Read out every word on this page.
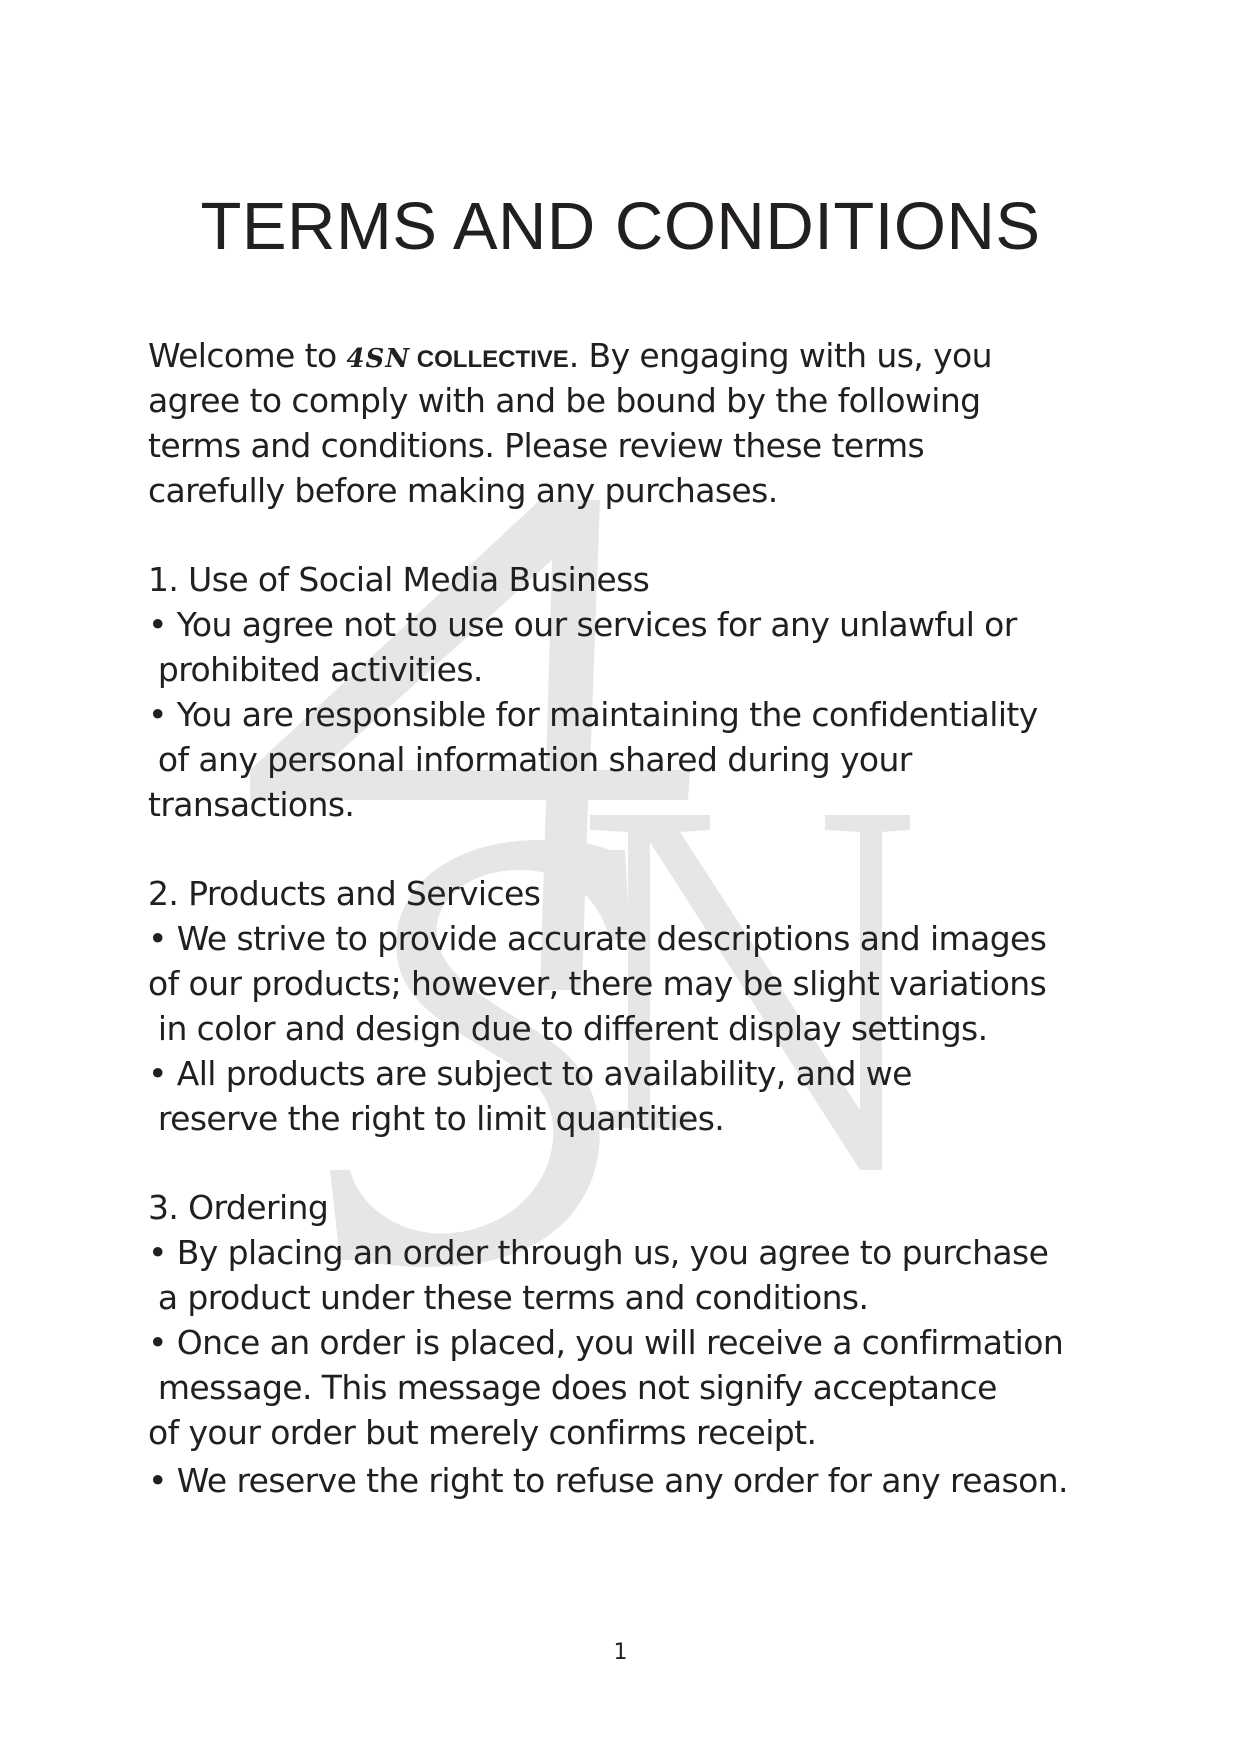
TERMS AND CONDITIONS
Welcome to 4SN COLLECTIVE. By engaging with us, you
agree to comply with and be bound by the following
terms and conditions. Please review these terms
carefully before making any purchases.
1. Use of Social Media Business
• You agree not to use our services for any unlawful or
prohibited activities.
• You are responsible for maintaining the confidentiality
of any personal information shared during your
transactions.
2. Products and Services
• We strive to provide accurate descriptions and images
of our products; however, there may be slight variations
in color and design due to different display settings.
• All products are subject to availability, and we
reserve the right to limit quantities.
3. Ordering
• By placing an order through us, you agree to purchase
a product under these terms and conditions.
• Once an order is placed, you will receive a confirmation
message. This message does not signify acceptance
of your order but merely confirms receipt.
• We reserve the right to refuse any order for any reason.
1
